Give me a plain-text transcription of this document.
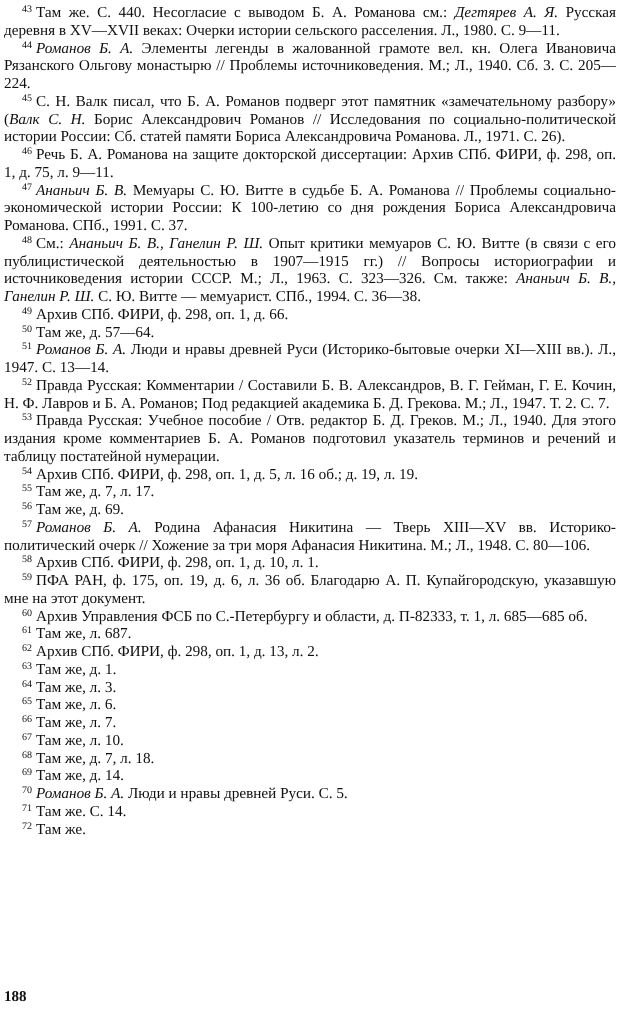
$^{43}$ Там же. С. 440. Несогласие с выводом Б. А. Романова см.: Дегтярев А. Я. Русская деревня в XV—XVII веках: Очерки истории сельского расселения. Л., 1980. С. 9—11.

$^{44}$ Романов Б. А. Элементы легенды в жалованной грамоте вел. кн. Олега Ивановича Рязанского Ольгову монастырю // Проблемы источниковедения. М.; Л., 1940. Сб. 3. С. 205—224.

$^{45}$ С. Н. Валк писал, что Б. А. Романов подверг этот памятник «замечательному разбору» (Валк С. Н. Борис Александрович Романов // Исследования по социально-политической истории России: Сб. статей памяти Бориса Александровича Романова. Л., 1971. С. 26).

$^{46}$ Речь Б. А. Романова на защите докторской диссертации: Архив СПб. ФИРИ, ф. 298, оп. 1, д. 75, л. 9—11.

$^{47}$ Ананьич Б. В. Мемуары С. Ю. Витте в судьбе Б. А. Романова // Проблемы социально-экономической истории России: К 100-летию со дня рождения Бориса Александровича Романова. СПб., 1991. С. 37.

$^{48}$ См.: Ананьич Б. В., Ганелин Р. Ш. Опыт критики мемуаров С. Ю. Витте (в связи с его публицистической деятельностью в 1907—1915 гг.) // Вопросы историографии и источниковедения истории СССР. М.; Л., 1963. С. 323—326. См. также: Ананьич Б. В., Ганелин Р. Ш. С. Ю. Витте — мемуарист. СПб., 1994. С. 36—38.

$^{49}$ Архив СПб. ФИРИ, ф. 298, оп. 1, д. 66.

$^{50}$ Там же, д. 57—64.

$^{51}$ Романов Б. А. Люди и нравы древней Руси (Историко-бытовые очерки XI—XIII вв.). Л., 1947. С. 13—14.

$^{52}$ Правда Русская: Комментарии / Составили Б. В. Александров, В. Г. Гейман, Г. Е. Кочин, Н. Ф. Лавров и Б. А. Романов; Под редакцией академика Б. Д. Грекова. М.; Л., 1947. Т. 2. С. 7.

$^{53}$ Правда Русская: Учебное пособие / Отв. редактор Б. Д. Греков. М.; Л., 1940. Для этого издания кроме комментариев Б. А. Романов подготовил указатель терминов и речений и таблицу постатейной нумерации.

$^{54}$ Архив СПб. ФИРИ, ф. 298, оп. 1, д. 5, л. 16 об.; д. 19, л. 19.

$^{55}$ Там же, д. 7, л. 17.

$^{56}$ Там же, д. 69.

$^{57}$ Романов Б. А. Родина Афанасия Никитина — Тверь XIII—XV вв. Историко-политический очерк // Хожение за три моря Афанасия Никитина. М.; Л., 1948. С. 80—106.

$^{58}$ Архив СПб. ФИРИ, ф. 298, оп. 1, д. 10, л. 1.

$^{59}$ ПФА РАН, ф. 175, оп. 19, д. 6, л. 36 об. Благодарю А. П. Купайгородскую, указавшую мне на этот документ.

$^{60}$ Архив Управления ФСБ по С.-Петербургу и области, д. П-82333, т. 1, л. 685—685 об.

$^{61}$ Там же, л. 687.

$^{62}$ Архив СПб. ФИРИ, ф. 298, оп. 1, д. 13, л. 2.

$^{63}$ Там же, д. 1.

$^{64}$ Там же, л. 3.

$^{65}$ Там же, л. 6.

$^{66}$ Там же, л. 7.

$^{67}$ Там же, л. 10.

$^{68}$ Там же, д. 7, л. 18.

$^{69}$ Там же, д. 14.

$^{70}$ Романов Б. А. Люди и нравы древней Руси. С. 5.

$^{71}$ Там же. С. 14.

$^{72}$ Там же.

188
